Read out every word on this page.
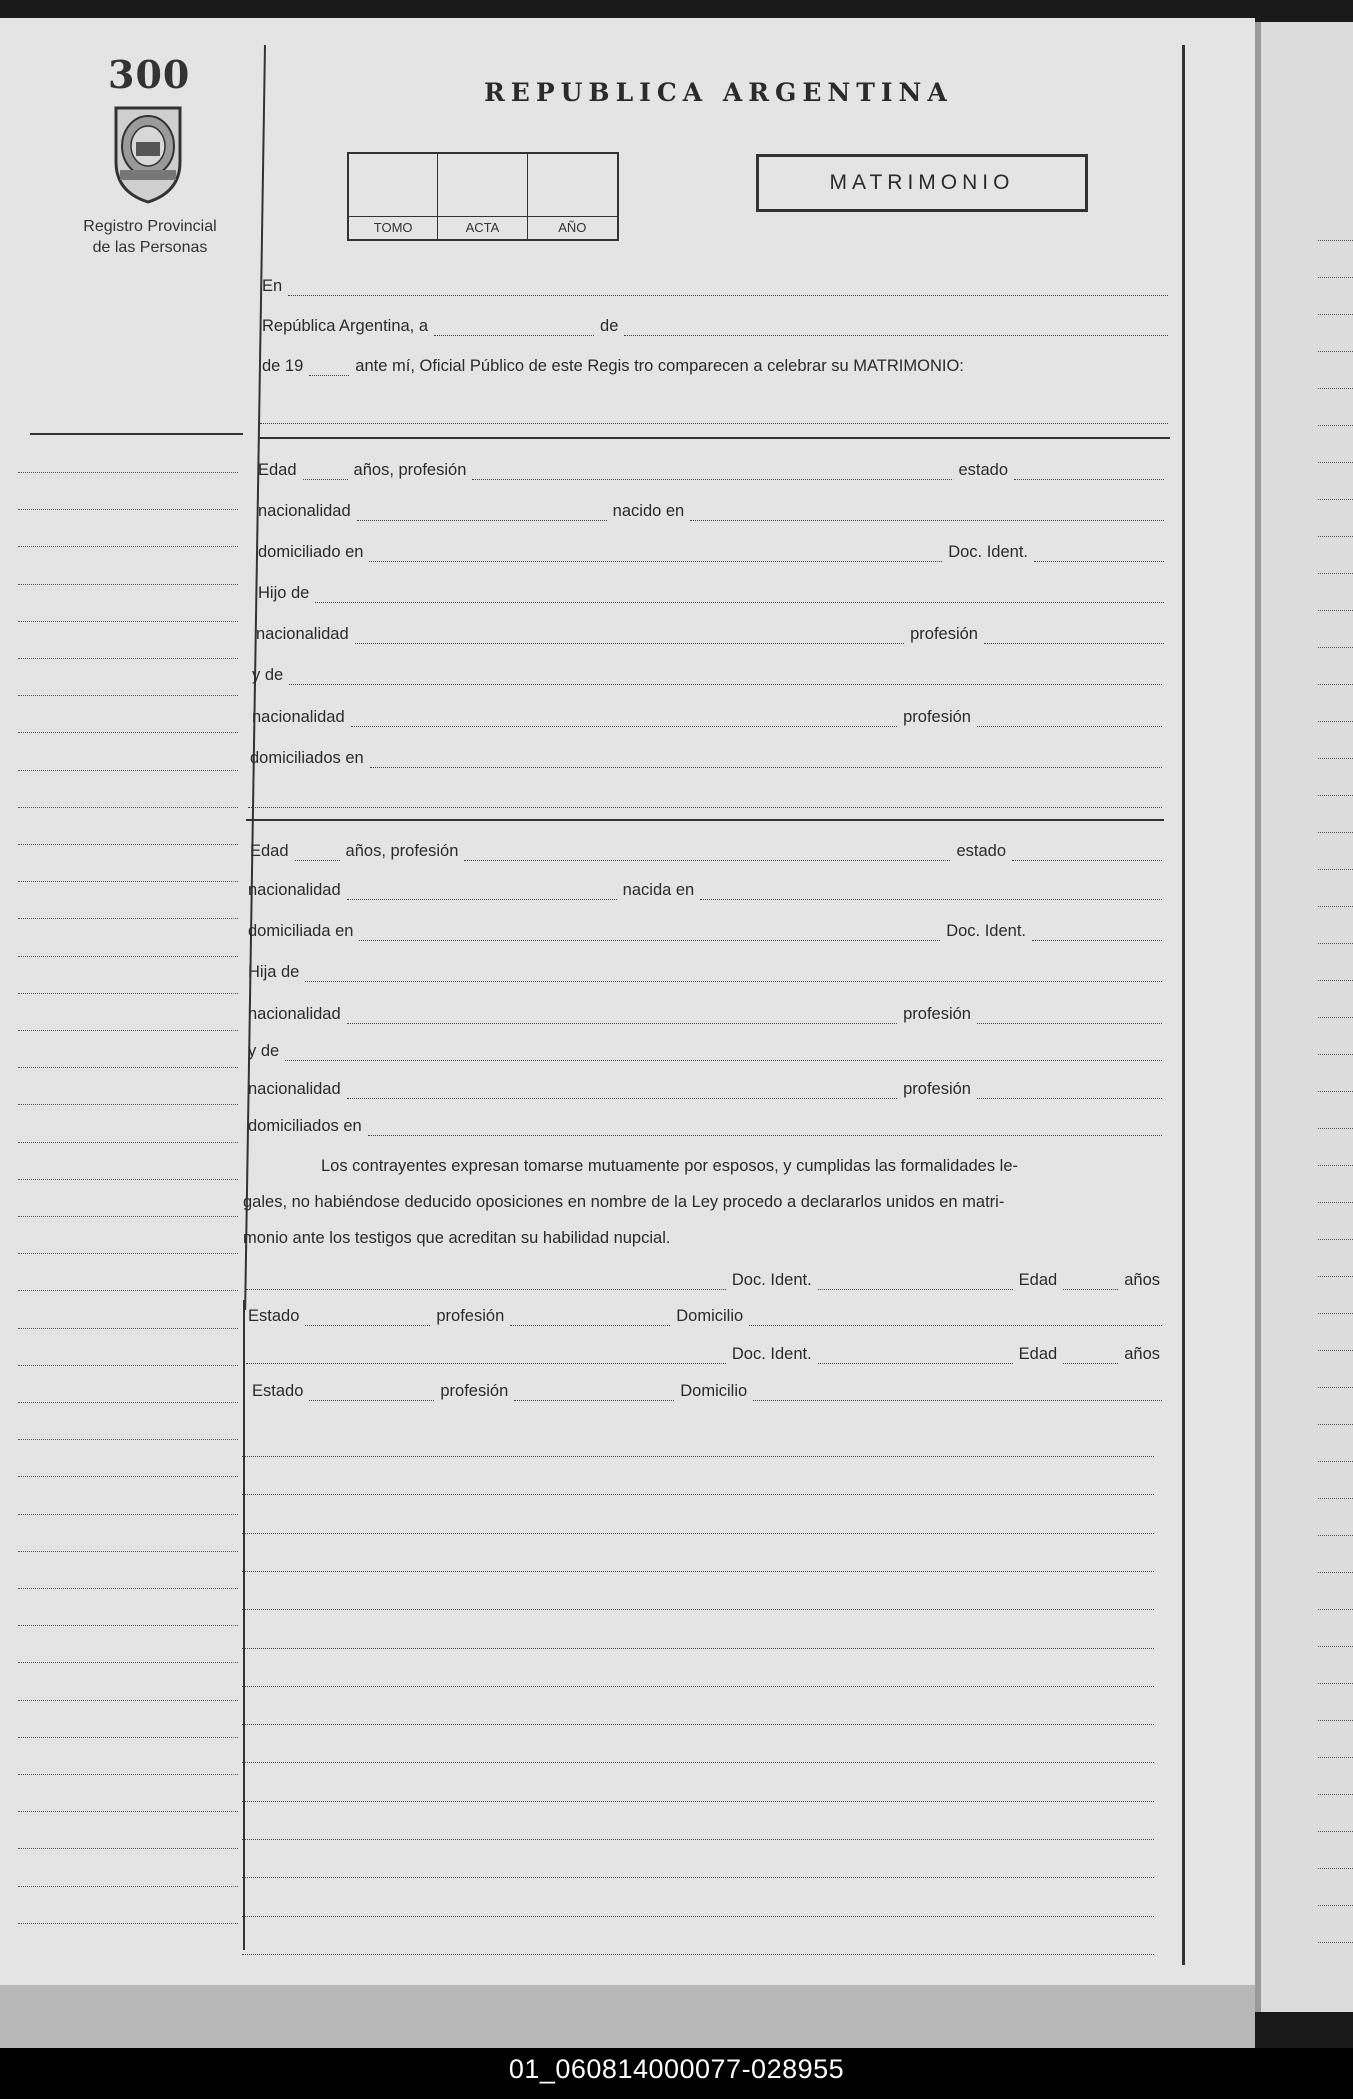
300
Registro Provincial
de las Personas
REPUBLICA ARGENTINA
TOMO	ACTA	AÑO
MATRIMONIO
En
República Argentina, a	de
de 19	ante mí, Oficial Público de este Regis tro comparecen a celebrar su MATRIMONIO:
Edad	años, profesión	estado
nacionalidad	nacido en
domiciliado en	Doc. Ident.
Hijo de
nacionalidad	profesión
y de
nacionalidad	profesión
domiciliados en
Edad	años, profesión	estado
nacionalidad	nacida en
domiciliada en	Doc. Ident.
Hija de
nacionalidad	profesión
y de
nacionalidad	profesión
domiciliados en
Los contrayentes expresan tomarse mutuamente por esposos, y cumplidas las formalidades le-
gales, no habiéndose deducido oposiciones en nombre de la Ley procedo a declararlos unidos en matri-
monio ante los testigos que acreditan su habilidad nupcial.
Doc. Ident.	Edad	años
Estado	profesión	Domicilio
Doc. Ident.	Edad	años
Estado	profesión	Domicilio
01_060814000077-028955
